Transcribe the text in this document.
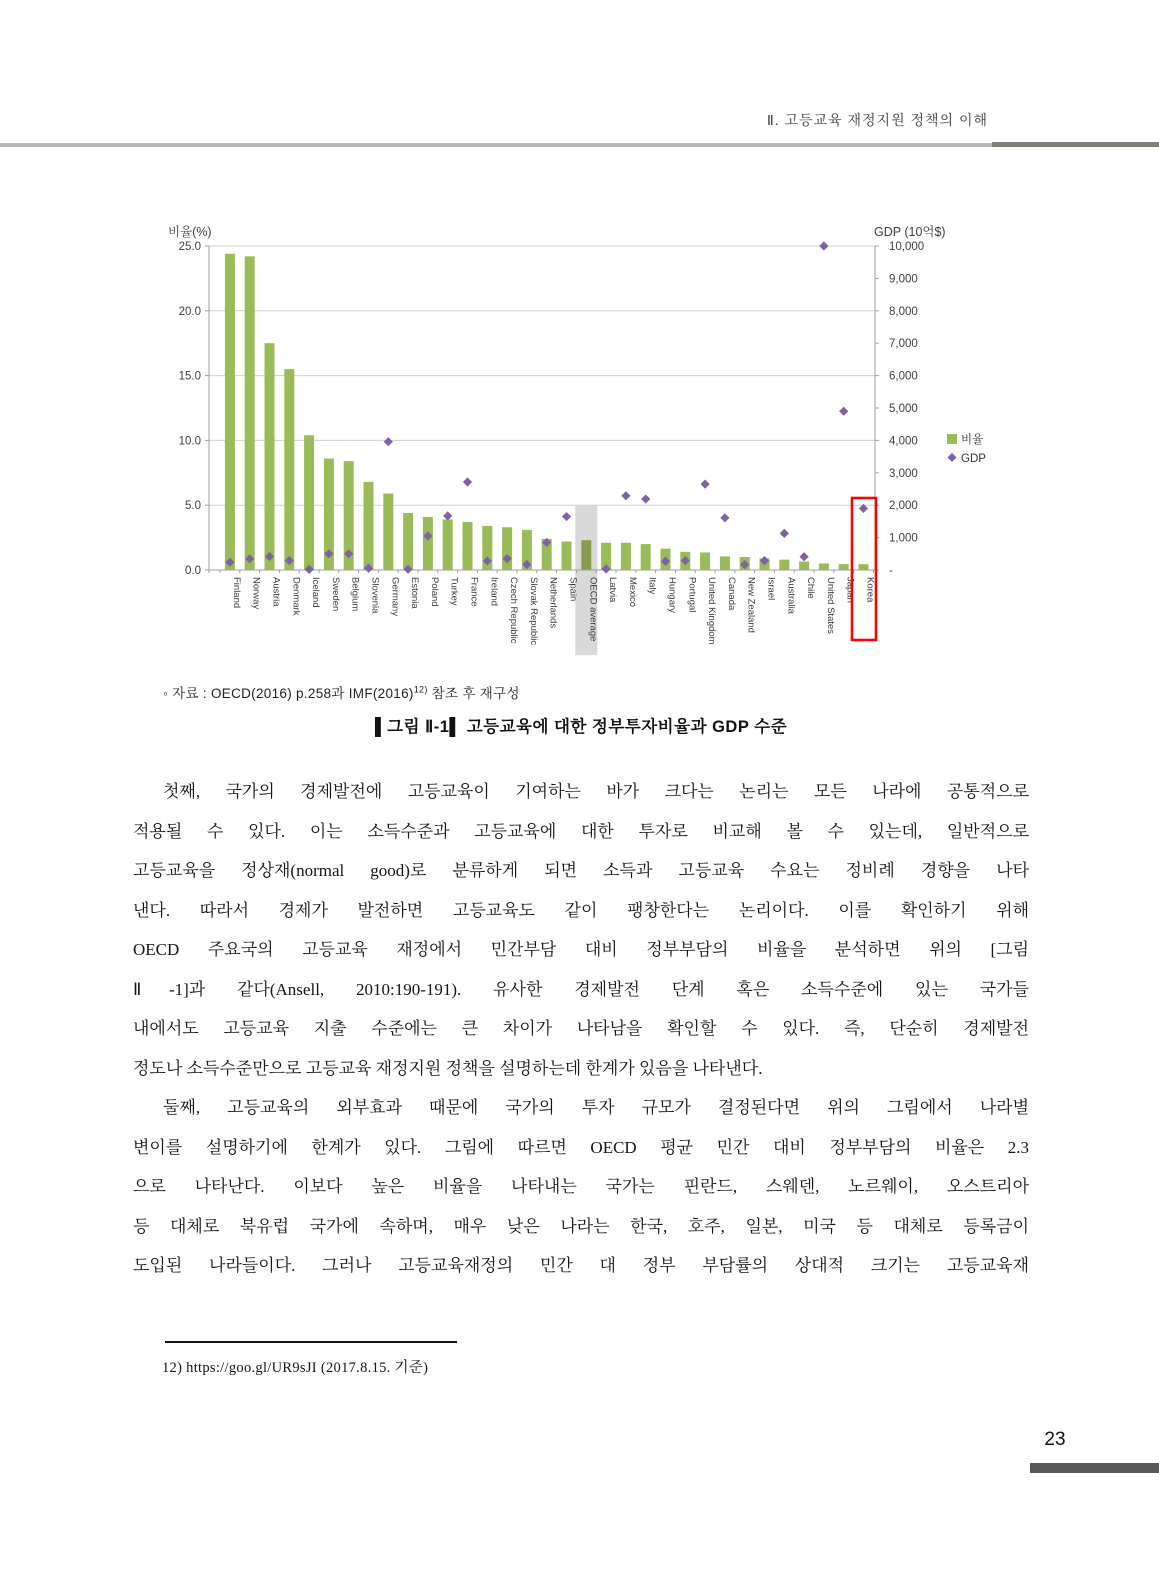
Ⅱ. 고등교육 재정지원 정책의 이해
25.0
20.0
15.0
10.0
5.0
0.0
비율(%)
10,000
9,000
8,000
7,000
6,000
5,000
4,000
3,000
2,000
1,000
-
GDP (10억$)
Finland Norway Austria Denmark Iceland Sweden Belgium Slovenia Germany Estonia Poland Turkey France Ireland Czech Republic Slovak Republic Netherlands Spain OECD average Latvia Mexico Italy Hungary Portugal United Kingdom Canada New Zealand Israel Australia Chile United States Japan Korea
비율
GDP
◦ 자료 : OECD(2016) p.258과 $IMF(2016)^{12)}$ 참조 후 재구성
▌그림 Ⅱ-1▌ 고등교육에 대한 정부투자비율과 GDP 수준
첫째, 국가의 경제발전에 고등교육이 기여하는 바가 크다는 논리는 모든 나라에 공통적으로
적용될 수 있다. 이는 소득수준과 고등교육에 대한 투자로 비교해 볼 수 있는데, 일반적으로
고등교육을 정상재(normal good)로 분류하게 되면 소득과 고등교육 수요는 정비례 경향을 나타
낸다. 따라서 경제가 발전하면 고등교육도 같이 팽창한다는 논리이다. 이를 확인하기 위해
OECD 주요국의 고등교육 재정에서 민간부담 대비 정부부담의 비율을 분석하면 위의 [그림
Ⅱ-1]과 같다(Ansell, 2010:190-191). 유사한 경제발전 단계 혹은 소득수준에 있는 국가들
내에서도 고등교육 지출 수준에는 큰 차이가 나타남을 확인할 수 있다. 즉, 단순히 경제발전
정도나 소득수준만으로 고등교육 재정지원 정책을 설명하는데 한계가 있음을 나타낸다.
둘째, 고등교육의 외부효과 때문에 국가의 투자 규모가 결정된다면 위의 그림에서 나라별
변이를 설명하기에 한계가 있다. 그림에 따르면 OECD 평균 민간 대비 정부부담의 비율은 2.3
으로 나타난다. 이보다 높은 비율을 나타내는 국가는 핀란드, 스웨덴, 노르웨이, 오스트리아
등 대체로 북유럽 국가에 속하며, 매우 낮은 나라는 한국, 호주, 일본, 미국 등 대체로 등록금이
도입된 나라들이다. 그러나 고등교육재정의 민간 대 정부 부담률의 상대적 크기는 고등교육재
12) https://goo.gl/UR9sJI (2017.8.15. 기준)
23
